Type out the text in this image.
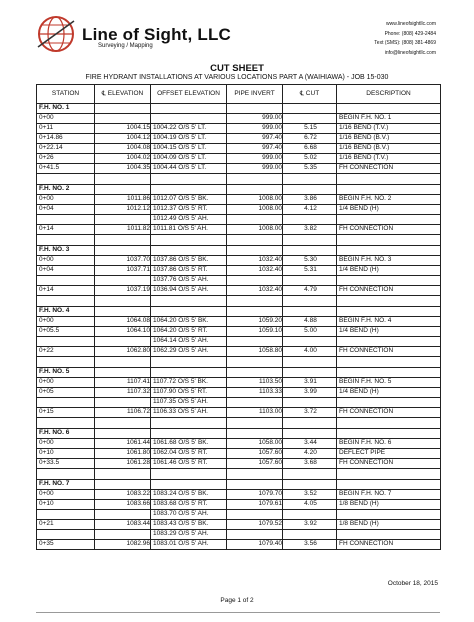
Line of Sight, LLC
Surveying / Mapping
www.lineofsightllc.com
Phone: (808) 429-2484
Text (SMS): (808) 381-4869
info@lineofsightllc.com
CUT SHEET
FIRE HYDRANT INSTALLATIONS AT VARIOUS LOCATIONS PART A (WAIHIAWA) - JOB 15-030
STATION	℄ ELEVATION	OFFSET ELEVATION	PIPE INVERT	℄ CUT	DESCRIPTION
F.H. NO. 1					
0+00			999.00		BEGIN F.H. NO. 1
0+11	1004.15	1004.22 O/S 5' LT.	999.00	5.15	1/16 BEND (T.V.)
0+14.86	1004.12	1004.19 O/S 5' LT.	997.40	6.72	1/16 BEND (B.V.)
0+22.14	1004.08	1004.15 O/S 5' LT.	997.40	6.68	1/16 BEND (B.V.)
0+26	1004.02	1004.09 O/S 5' LT.	999.00	5.02	1/16 BEND (T.V.)
0+41.5	1004.35	1004.44 O/S 5' LT.	999.00	5.35	FH CONNECTION

F.H. NO. 2					
0+00	1011.86	1012.07 O/S 5' BK.	1008.00	3.86	BEGIN F.H. NO. 2
0+04	1012.12	1012.37 O/S 5' RT.	1008.00	4.12	1/4 BEND (H)
		1012.49 O/S 5' AH.			
0+14	1011.82	1011.81 O/S 5' AH.	1008.00	3.82	FH CONNECTION

F.H. NO. 3					
0+00	1037.70	1037.86 O/S 5' BK.	1032.40	5.30	BEGIN F.H. NO. 3
0+04	1037.71	1037.86 O/S 5' RT.	1032.40	5.31	1/4 BEND (H)
		1037.76 O/S 5' AH.			
0+14	1037.19	1036.94 O/S 5' AH.	1032.40	4.79	FH CONNECTION

F.H. NO. 4					
0+00	1064.08	1064.20 O/S 5' BK.	1059.20	4.88	BEGIN F.H. NO. 4
0+05.5	1064.10	1064.20 O/S 5' RT.	1059.10	5.00	1/4 BEND (H)
		1064.14 O/S 5' AH.			
0+22	1062.80	1062.29 O/S 5' AH.	1058.80	4.00	FH CONNECTION

F.H. NO. 5					
0+00	1107.41	1107.72 O/S 5' BK.	1103.50	3.91	BEGIN F.H. NO. 5
0+05	1107.32	1107.90 O/S 5' RT.	1103.33	3.99	1/4 BEND (H)
		1107.35 O/S 5' AH.			
0+15	1106.72	1106.33 O/S 5' AH.	1103.00	3.72	FH CONNECTION

F.H. NO. 6					
0+00	1061.44	1061.68 O/S 5' BK.	1058.00	3.44	BEGIN F.H. NO. 6
0+10	1061.80	1062.04 O/S 5' RT.	1057.60	4.20	DEFLECT PIPE
0+33.5	1061.28	1061.46 O/S 5' RT.	1057.60	3.68	FH CONNECTION

F.H. NO. 7					
0+00	1083.22	1083.24 O/S 5' BK.	1079.70	3.52	BEGIN F.H. NO. 7
0+10	1083.66	1083.68 O/S 5' RT.	1079.61	4.05	1/8 BEND (H)
		1083.70 O/S 5' AH.			
0+21	1083.44	1083.43 O/S 5' BK.	1079.52	3.92	1/8 BEND (H)
		1083.29 O/S 5' AH.			
0+35	1082.96	1083.01 O/S 5' AH.	1079.40	3.56	FH CONNECTION
October 18, 2015
Page 1 of 2
